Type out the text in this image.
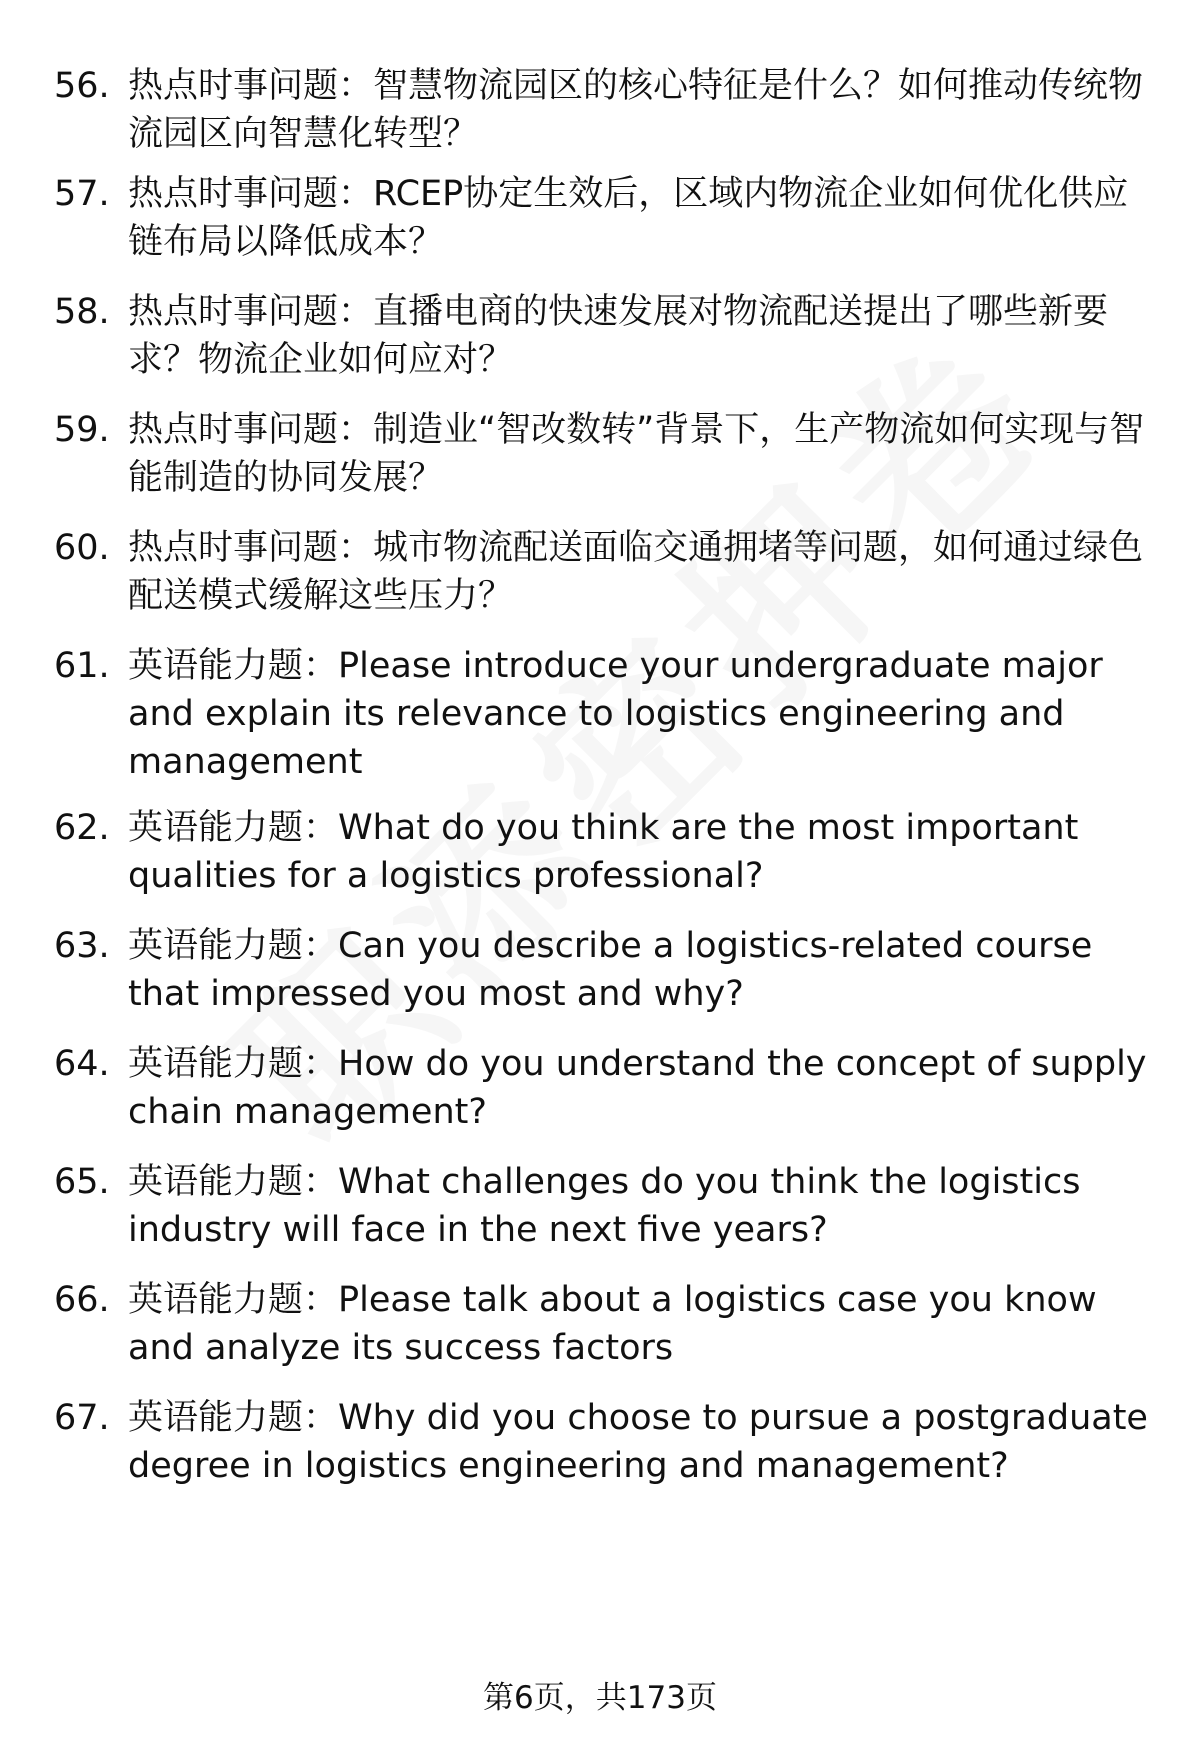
56. 热点时事问题：智慧物流园区的核心特征是什么？如何推动传统物流园区向智慧化转型？
57. 热点时事问题：RCEP协定生效后，区域内物流企业如何优化供应链布局以降低成本？
58. 热点时事问题：直播电商的快速发展对物流配送提出了哪些新要求？物流企业如何应对？
59. 热点时事问题：制造业“智改数转”背景下，生产物流如何实现与智能制造的协同发展？
60. 热点时事问题：城市物流配送面临交通拥堵等问题，如何通过绿色配送模式缓解这些压力？
61. 英语能力题：Please introduce your undergraduate major and explain its relevance to logistics engineering and management
62. 英语能力题：What do you think are the most important qualities for a logistics professional?
63. 英语能力题：Can you describe a logistics-related course that impressed you most and why?
64. 英语能力题：How do you understand the concept of supply chain management?
65. 英语能力题：What challenges do you think the logistics industry will face in the next five years?
66. 英语能力题：Please talk about a logistics case you know and analyze its success factors
67. 英语能力题：Why did you choose to pursue a postgraduate degree in logistics engineering and management?
第6页，共173页
